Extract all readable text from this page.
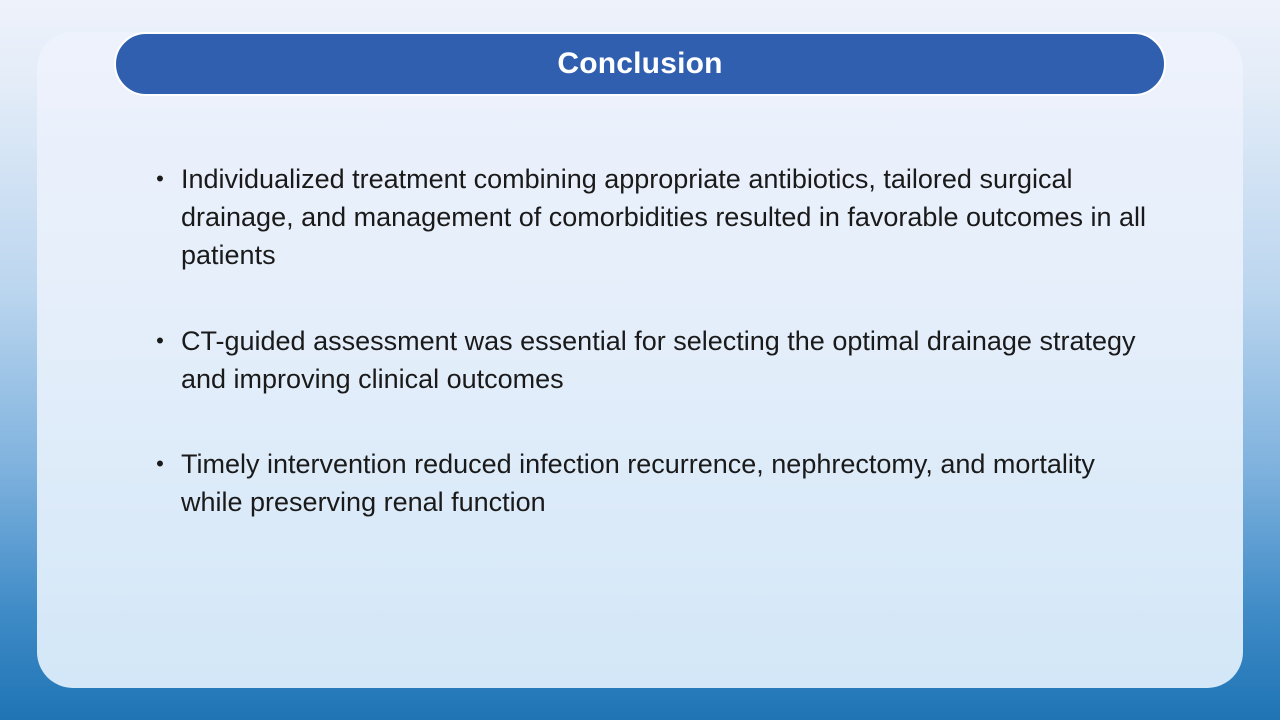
Conclusion
• Individualized treatment combining appropriate antibiotics, tailored surgical drainage, and management of comorbidities resulted in favorable outcomes in all patients
• CT-guided assessment was essential for selecting the optimal drainage strategy and improving clinical outcomes
• Timely intervention reduced infection recurrence, nephrectomy, and mortality while preserving renal function
